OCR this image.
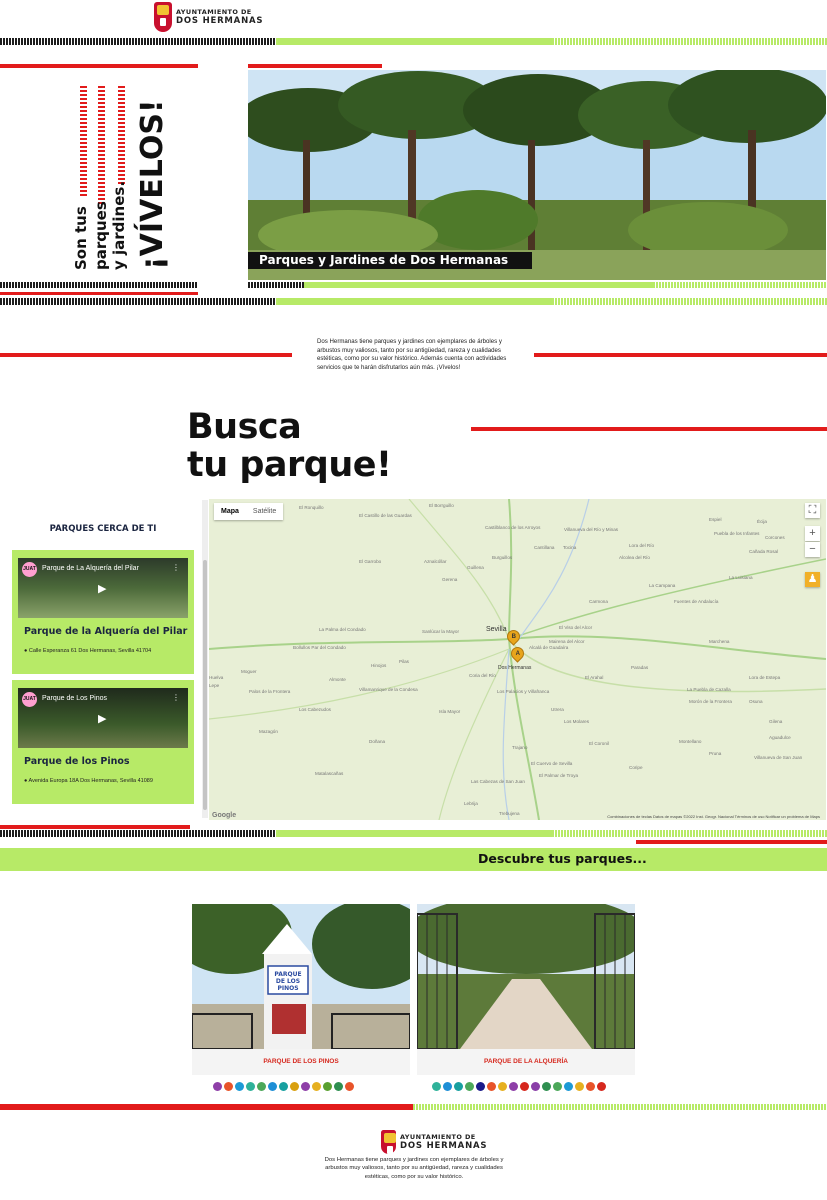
AYUNTAMIENTO DE
DOS HERMANAS
Son tus parques y jardines. ¡VÍVELOS!	Parques y Jardines de Dos Hermanas
Dos Hermanas tiene parques y jardines con ejemplares de árboles y arbustos muy valiosos, tanto por su antigüedad, rareza y cualidades estéticas, como por su valor histórico. Además cuenta con actividades servicios que te harán disfrutarlos aún más. ¡Vívelos!
Busca
tu parque!
PARQUES CERCA DE TI
JUAT Parque de La Alquería del Pilar	⋮
▶
Parque de la Alquería del Pilar
● Calle Esperanza 61 Dos Hermanas, Sevilla 41704
JUAT Parque de Los Pinos	⋮
▶
Parque de los Pinos
● Avenida Europa 18A Dos Hermanas, Sevilla 41089
Mapa	Satélite	⛶
+
−
♟
El Ronquillo
El Castillo de las Guardas
El Borrguillo
Aznalcóllar
El Garrobo
Gerena
Guillena
Burguillos
Castilblanco de los Arroyos	Villanueva del Río y Minas
Lora del Río
Cantillana Tocina
Alcolea del Río
Carmona
La Campana
Fuentes de Andalucía
Marchena
Paradas
El Arahal
Morón de la Frontera
Utrera
Los Palacios y Villafranca
Lebrija
Las Cabezas de San Juan
El Coronil
Écija
Osuna
La Puebla de Cazalla
El Viso del Alcor
Mairena del Alcor
Alcalá de Guadaíra
Coria del Río
Almonte
Hinojos
Pilas
Sanlúcar la Mayor
La Palma del Condado
Moguer
Huelva
Lepe
Palos de la Frontera
Bollullos Par del Condado
Villamanrique de la Condesa
Isla Mayor
Los Cabezudos
Cañada Rosal
La Luisiana
Villanueva de San Juan
Pruna
Montellano
Coripe
El Cuervo de Sevilla
Trebujena
Matalascañas
Mazagón
Doñana
Lora de Estepa
Gilena
Aguadulce
Espiel
Corcones
Puebla de los Infantes
Los Molares
Trajano
El Palmar de Troya
Sevilla
Dos Hermanas
B
A
Google	Combinaciones de teclas Datos de mapas ©2022 Inst. Geogr. Nacional Términos de uso Notificar un problema de Maps
Descubre tus parques...
PARQUE
DE LOS
PINOS
PARQUE DE LOS PINOS	PARQUE DE LA ALQUERÍA
AYUNTAMIENTO DE
DOS HERMANAS
Dos Hermanas tiene parques y jardines con ejemplares de árboles y arbustos muy valiosos, tanto por su antigüedad, rareza y cualidades estéticas, como por su valor histórico.
